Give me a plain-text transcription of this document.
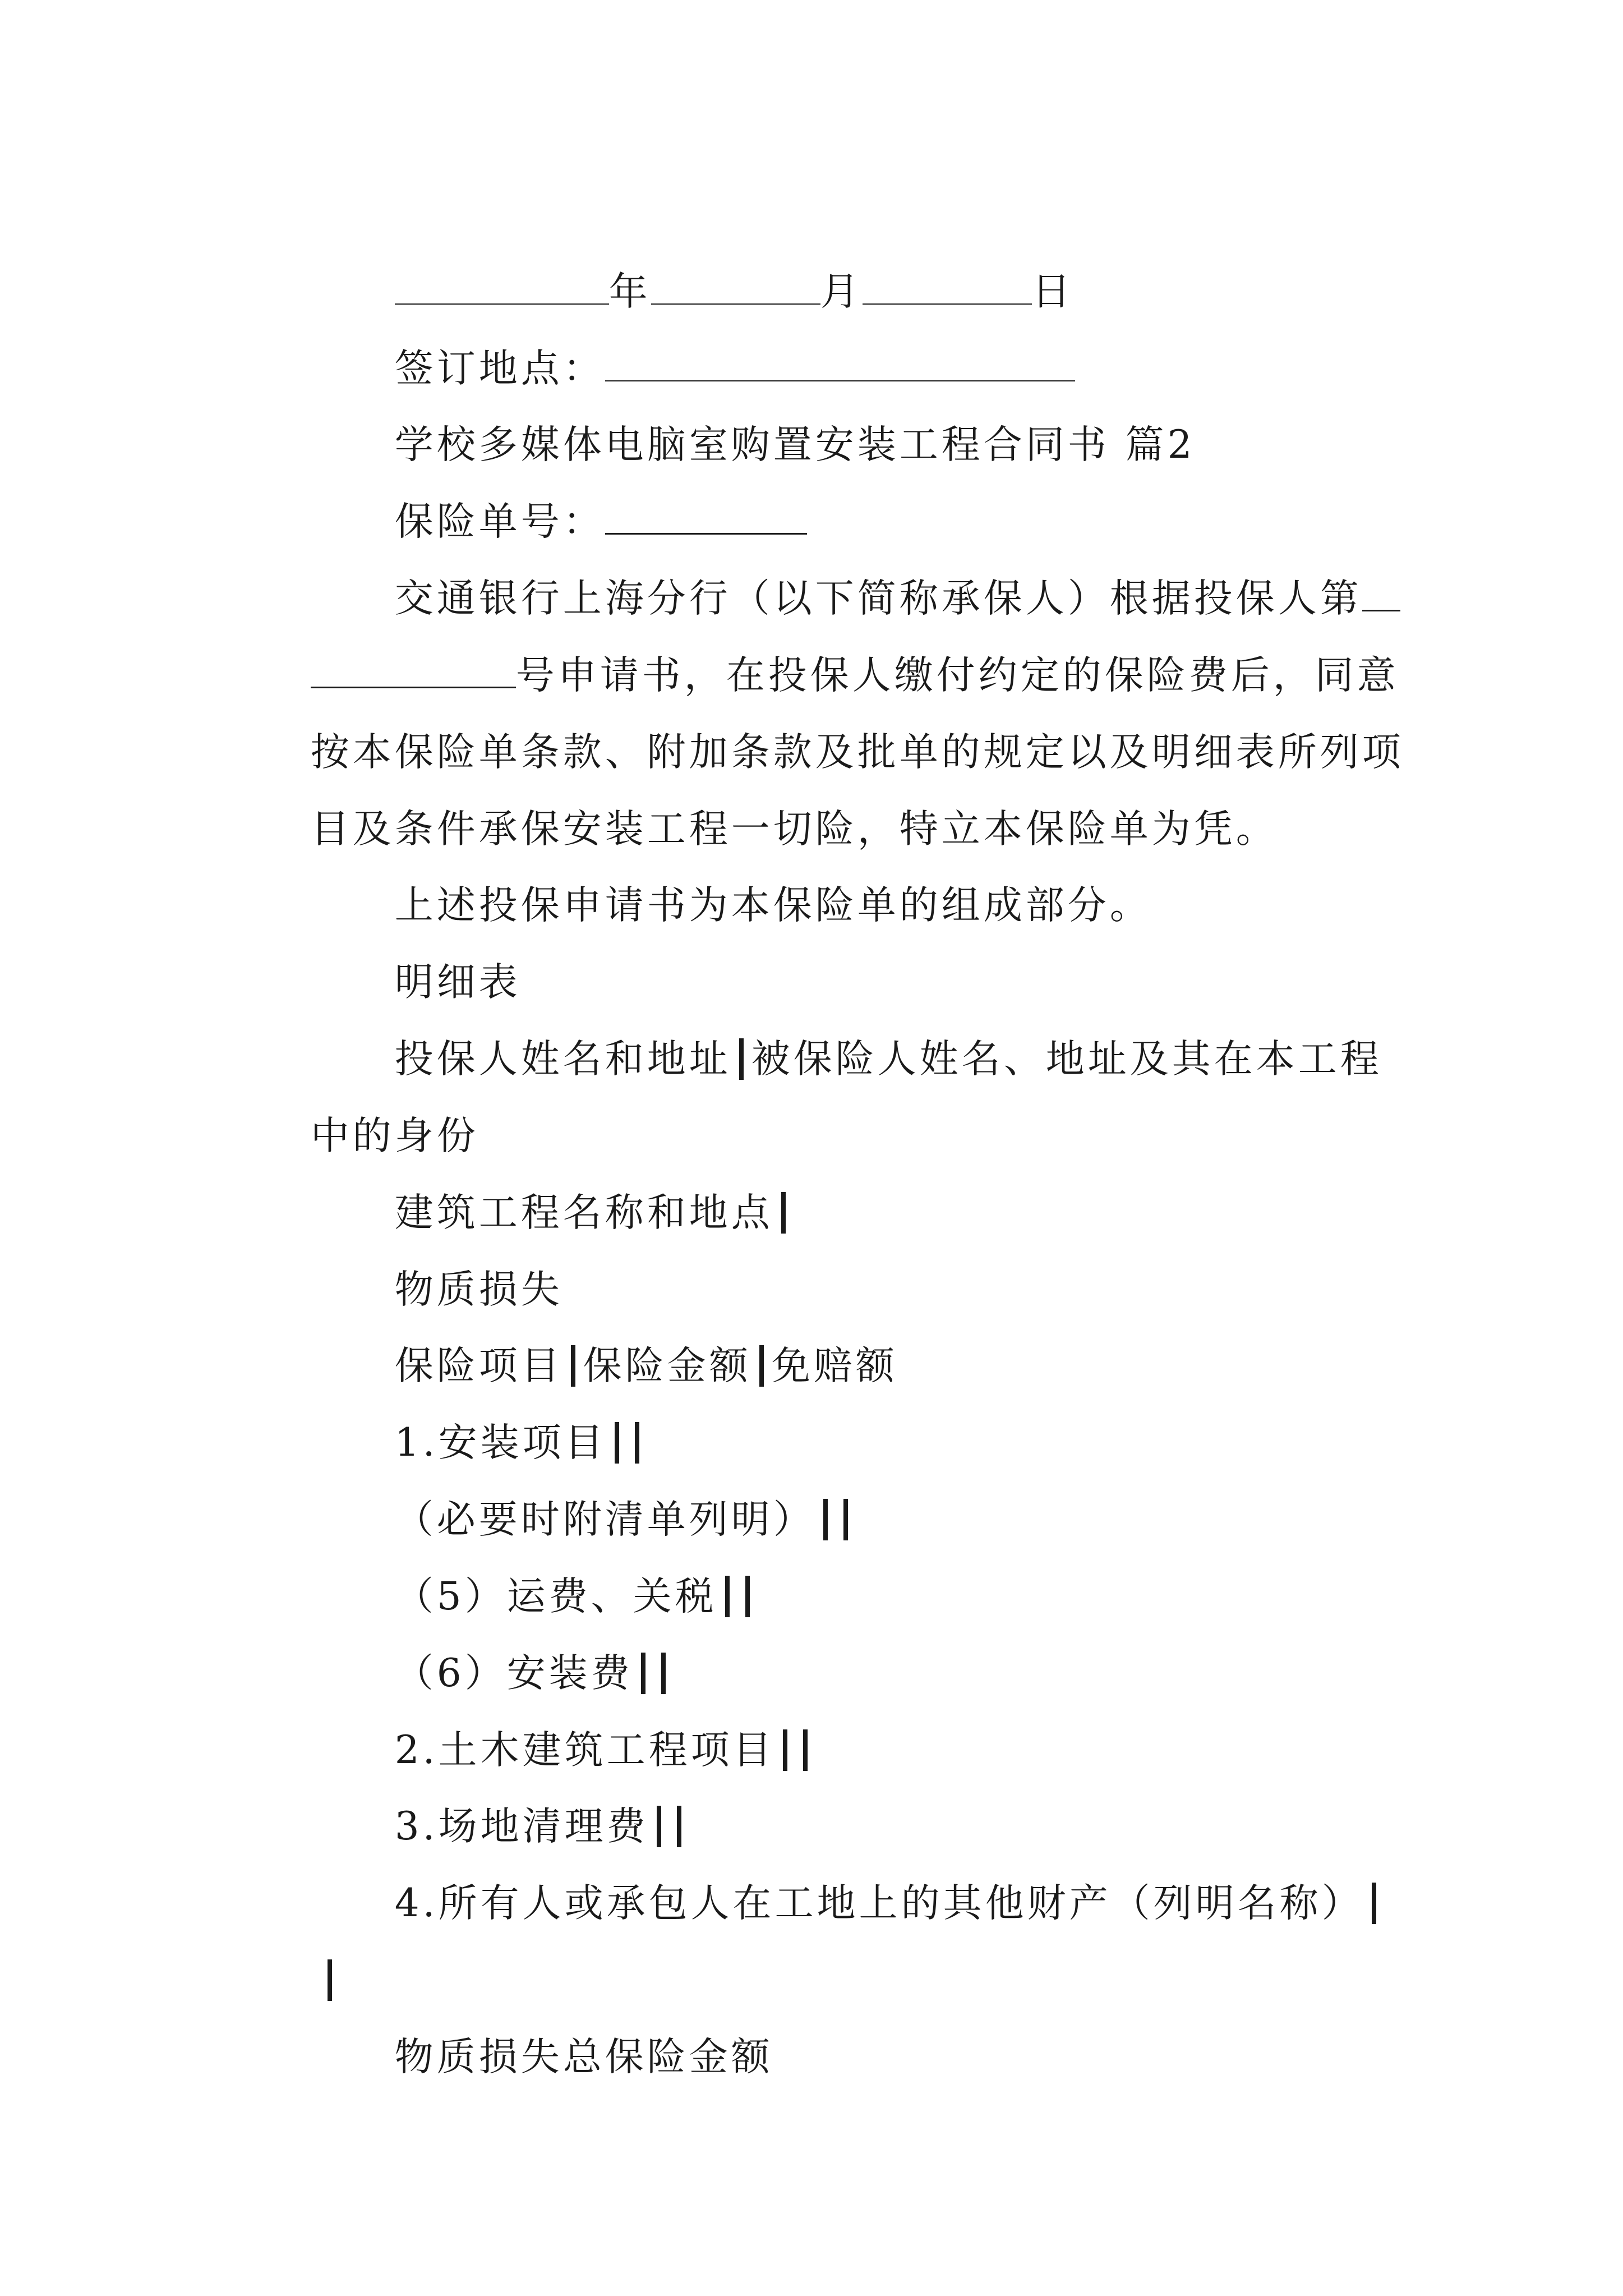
年	月	日

签订地点：

学校多媒体电脑室购置安装工程合同书 篇2

保险单号：

交通银行上海分行（以下简称承保人）根据投保人第

号申请书，在投保人缴付约定的保险费后，同意

按本保险单条款、附加条款及批单的规定以及明细表所列项

目及条件承保安装工程一切险，特立本保险单为凭。

上述投保申请书为本保险单的组成部分。

明细表

投保人姓名和地址 被保险人姓名、地址及其在本工程

中的身份

建筑工程名称和地点

物质损失

保险项目 保险金额 免赔额

1.安装项目

（必要时附清单列明）

（5）运费、关税

（6）安装费

2.土木建筑工程项目

3.场地清理费

4.所有人或承包人在工地上的其他财产（列明名称）

物质损失总保险金额
